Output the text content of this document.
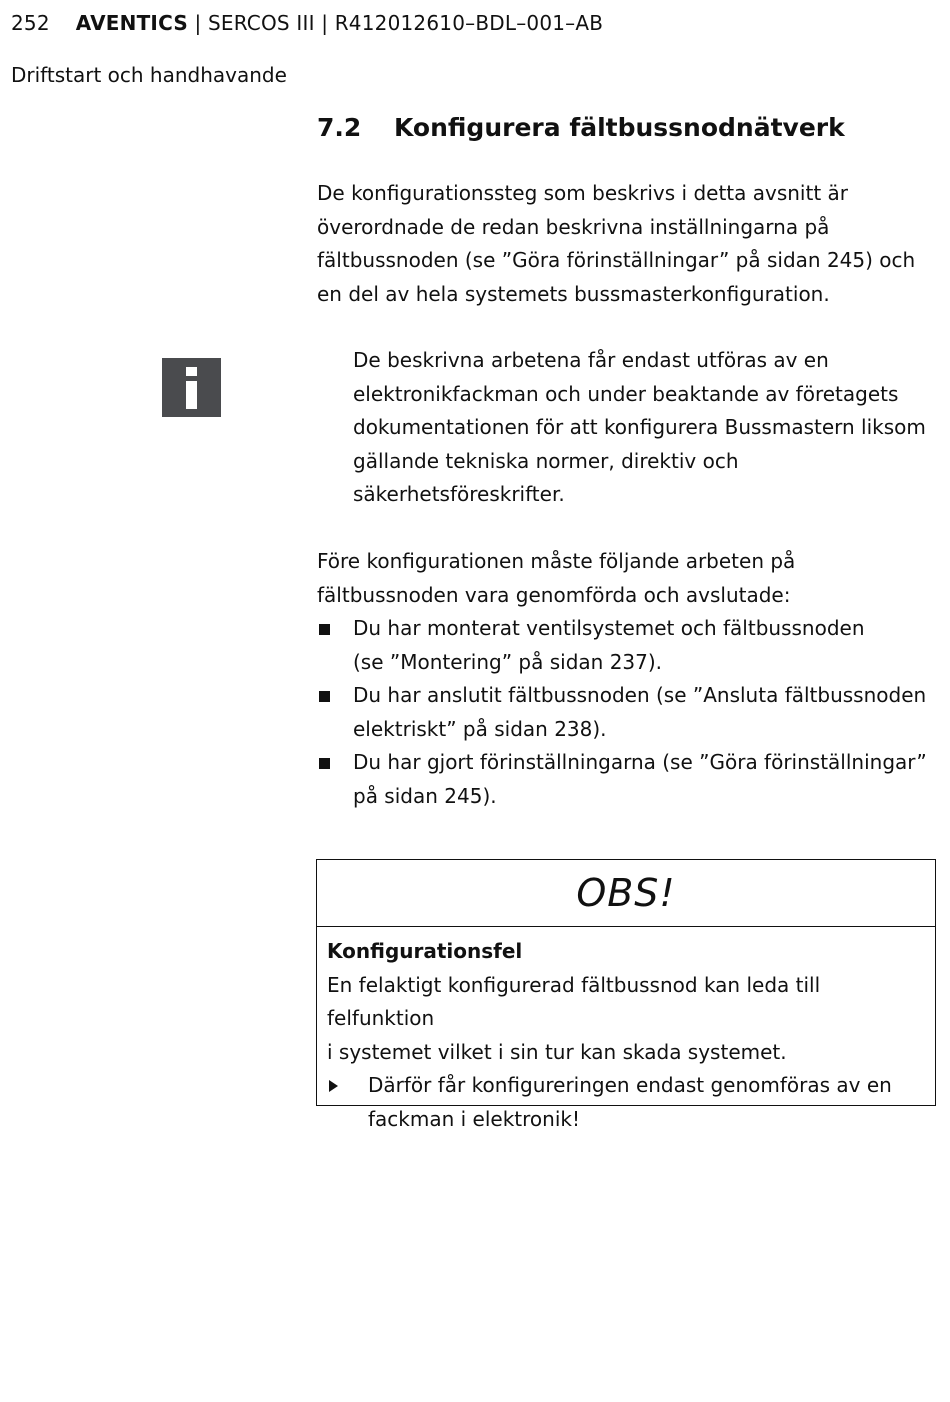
252 AVENTICS | SERCOS III | R412012610–BDL–001–AB
Driftstart och handhavande
7.2 Konfigurera fältbussnodnätverk
De konfigurationssteg som beskrivs i detta avsnitt är överordnade de redan beskrivna inställningarna på fältbussnoden (se ”Göra förinställningar” på sidan 245) och en del av hela systemets bussmasterkonfiguration.
De beskrivna arbetena får endast utföras av en elektronikfackman och under beaktande av företagets dokumentationen för att konfigurera Bussmastern liksom gällande tekniska normer, direktiv och säkerhetsföreskrifter.
Före konfigurationen måste följande arbeten på fältbussnoden vara genomförda och avslutade:
Du har monterat ventilsystemet och fältbussnoden
(se ”Montering” på sidan 237).
Du har anslutit fältbussnoden (se ”Ansluta fältbussnoden
elektriskt” på sidan 238).
Du har gjort förinställningarna (se ”Göra förinställningar”
på sidan 245).
OBS!
Konfigurationsfel
En felaktigt konfigurerad fältbussnod kan leda till felfunktion
i systemet vilket i sin tur kan skada systemet.
Därför får konfigureringen endast genomföras av en
fackman i elektronik!
